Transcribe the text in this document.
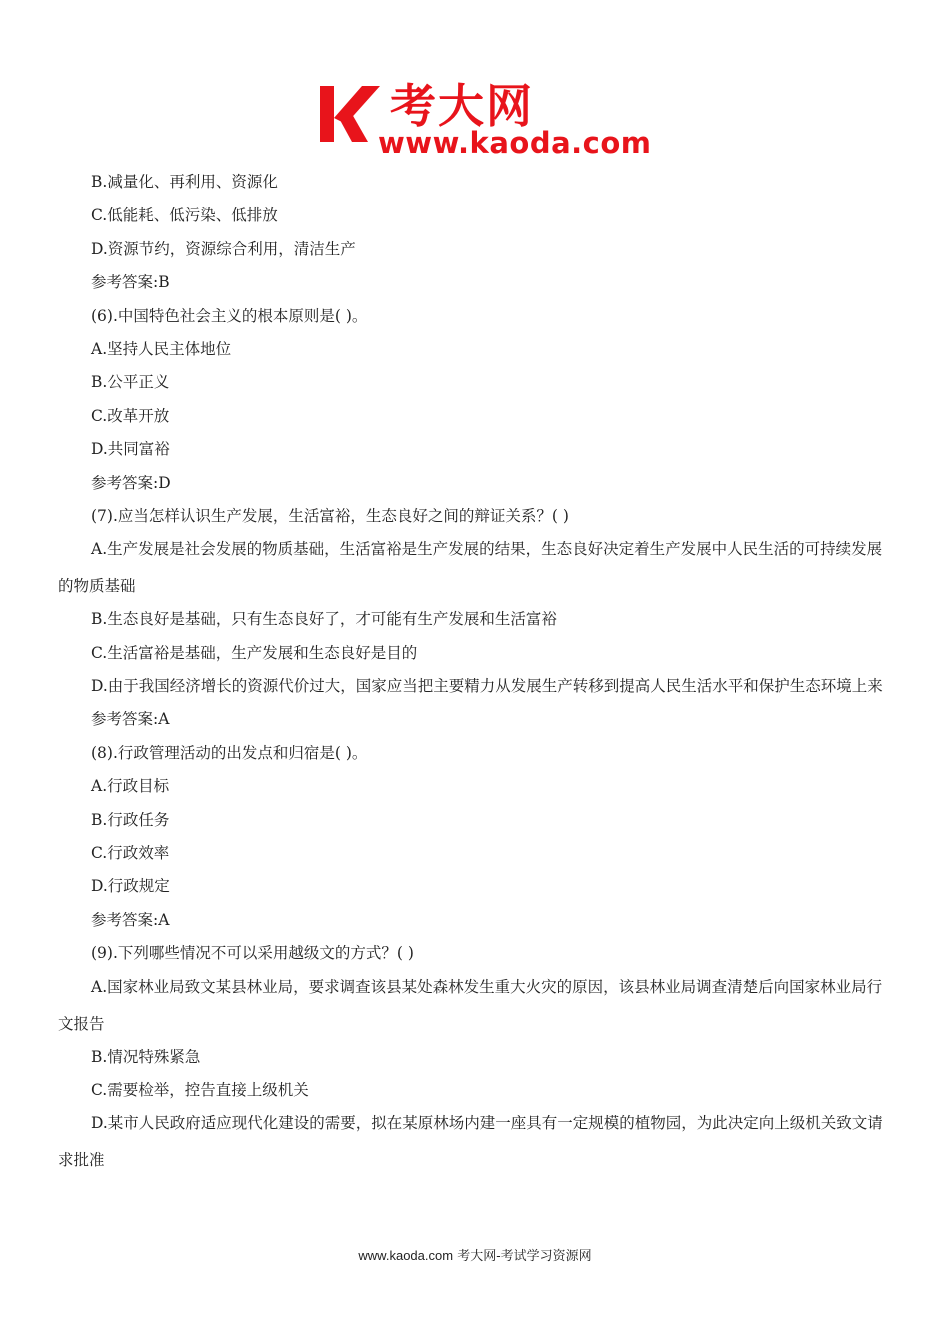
考大网
www.kaoda.com
B.减量化、再利用、资源化
C.低能耗、低污染、低排放
D.资源节约，资源综合利用，清洁生产
参考答案:B
(6).中国特色社会主义的根本原则是( )。
A.坚持人民主体地位
B.公平正义
C.改革开放
D.共同富裕
参考答案:D
(7).应当怎样认识生产发展，生活富裕，生态良好之间的辩证关系？( )
A.生产发展是社会发展的物质基础，生活富裕是生产发展的结果，生态良好决定着生产发展中人民生活的可持续发展的物质基础
B.生态良好是基础，只有生态良好了，才可能有生产发展和生活富裕
C.生活富裕是基础，生产发展和生态良好是目的
D.由于我国经济增长的资源代价过大，国家应当把主要精力从发展生产转移到提高人民生活水平和保护生态环境上来
参考答案:A
(8).行政管理活动的出发点和归宿是( )。
A.行政目标
B.行政任务
C.行政效率
D.行政规定
参考答案:A
(9).下列哪些情况不可以采用越级文的方式？( )
A.国家林业局致文某县林业局，要求调查该县某处森林发生重大火灾的原因，该县林业局调查清楚后向国家林业局行文报告
B.情况特殊紧急
C.需要检举，控告直接上级机关
D.某市人民政府适应现代化建设的需要，拟在某原林场内建一座具有一定规模的植物园，为此决定向上级机关致文请求批准
www.kaoda.com 考大网-考试学习资源网
